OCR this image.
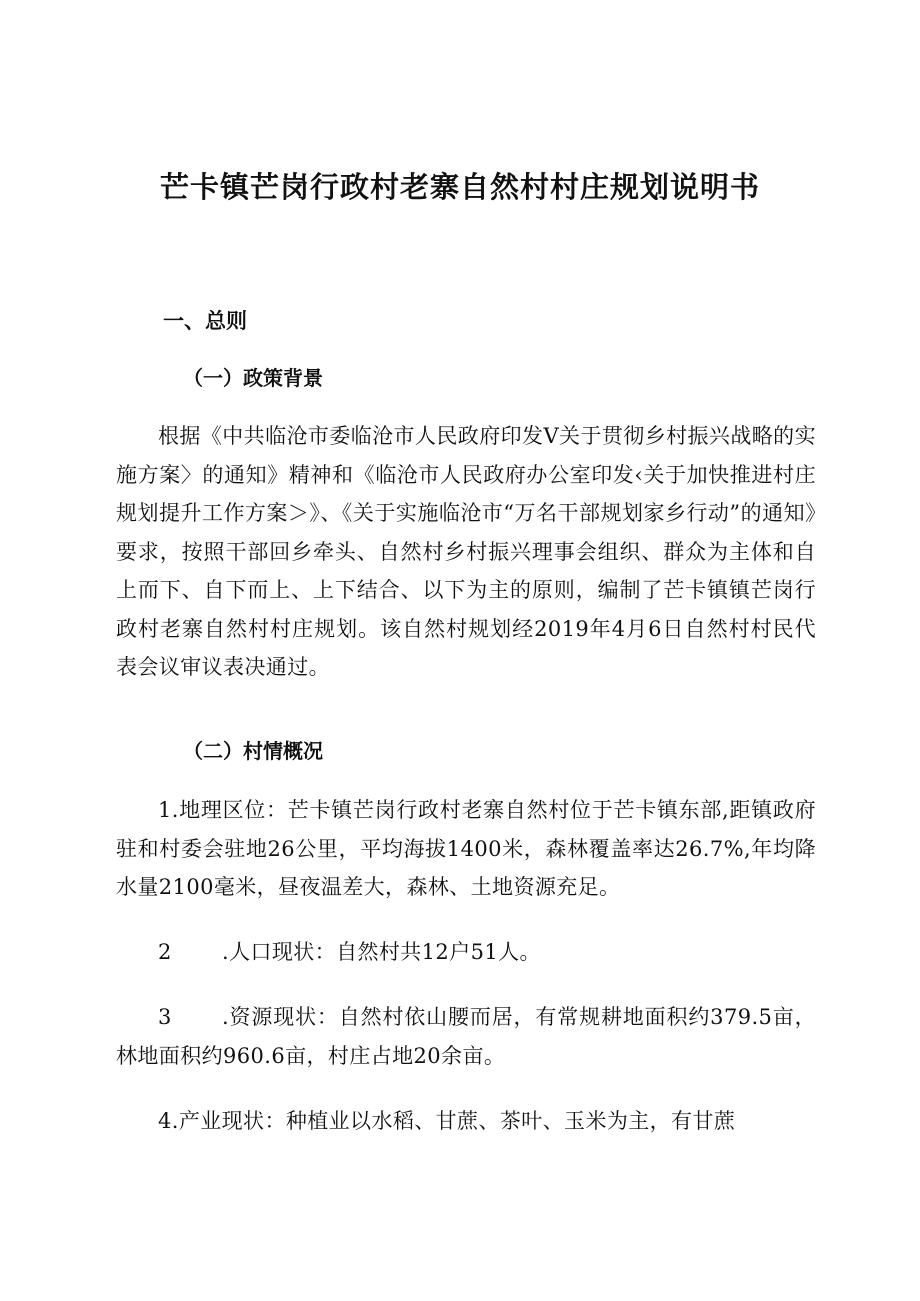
芒卡镇芒岗行政村老寨自然村村庄规划说明书
一、总则
（一）政策背景

根据《中共临沧市委临沧市人民政府印发V关于贯彻乡村振兴战略的实施方案〉的通知》精神和《临沧市人民政府办公室印发‹关于加快推进村庄规划提升工作方案＞》、《关于实施临沧市“万名干部规划家乡行动”的通知》要求，按照干部回乡牵头、自然村乡村振兴理事会组织、群众为主体和自上而下、自下而上、上下结合、以下为主的原则，编制了芒卡镇镇芒岗行政村老寨自然村村庄规划。该自然村规划经2019年4月6日自然村村民代表会议审议表决通过。

（二）村情概况

1.地理区位：芒卡镇芒岗行政村老寨自然村位于芒卡镇东部,距镇政府驻和村委会驻地26公里，平均海拔1400米，森林覆盖率达26.7%,年均降水量2100毫米，昼夜温差大，森林、土地资源充足。

2 .人口现状：自然村共12户51人。

3 .资源现状：自然村依山腰而居，有常规耕地面积约379.5亩，林地面积约960.6亩，村庄占地20余亩。

4.产业现状：种植业以水稻、甘蔗、茶叶、玉米为主，有甘蔗
